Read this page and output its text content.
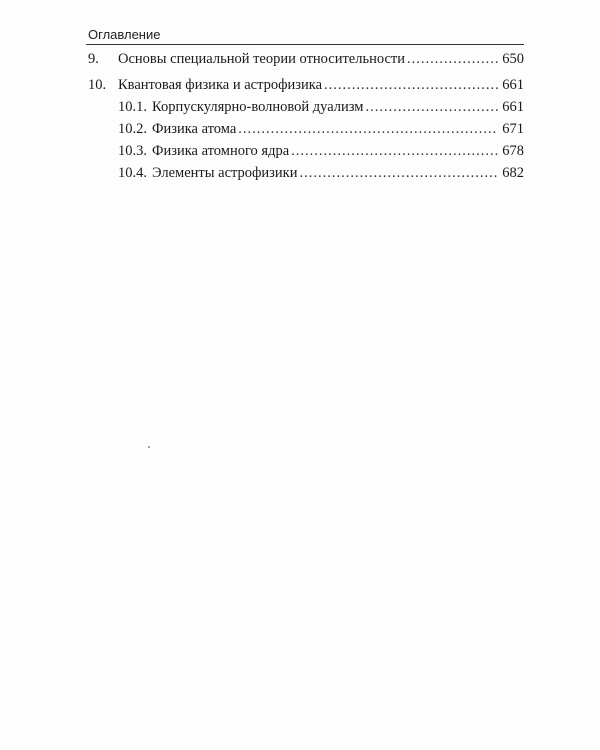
Оглавление
9.	Основы специальной теории относительности .....	650
10. Квантовая физика и астрофизика .....	661
10.1. Корпускулярно-волновой дуализм .....	661
10.2. Физика атома .....	671
10.3. Физика атомного ядра .....	678
10.4. Элементы астрофизики .....	682
